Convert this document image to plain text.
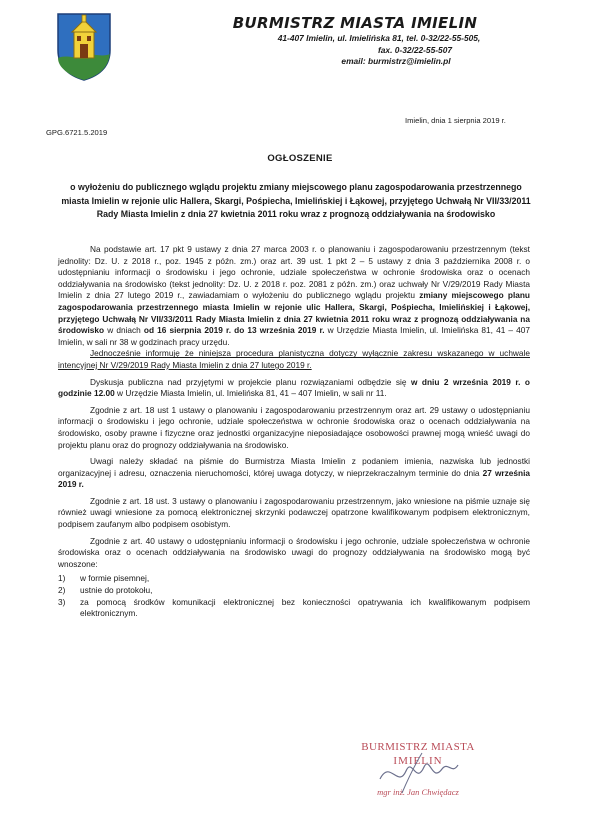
BURMISTRZ MIASTA IMIELIN
41-407 Imielin, ul. Imielińska 81, tel. 0-32/22-55-505,
fax. 0-32/22-55-507
email: burmistrz@imielin.pl
Imielin, dnia 1 sierpnia 2019 r.
GPG.6721.5.2019
OGŁOSZENIE
o wyłożeniu do publicznego wglądu projektu zmiany miejscowego planu zagospodarowania przestrzennego miasta Imielin w rejonie ulic Hallera, Skargi, Pośpiecha, Imielińskiej i Łąkowej, przyjętego Uchwałą Nr VII/33/2011 Rady Miasta Imielin z dnia 27 kwietnia 2011 roku wraz z prognozą oddziaływania na środowisko

Na podstawie art. 17 pkt 9 ustawy z dnia 27 marca 2003 r. o planowaniu i zagospodarowaniu przestrzennym (tekst jednolity: Dz. U. z 2018 r., poz. 1945 z późn. zm.) oraz art. 39 ust. 1 pkt 2 – 5 ustawy z dnia 3 października 2008 r. o udostępnianiu informacji o środowisku i jego ochronie, udziale społeczeństwa w ochronie środowiska oraz o ocenach oddziaływania na środowisko (tekst jednolity: Dz. U. z 2018 r. poz. 2081 z późn. zm.) oraz uchwały Nr V/29/2019 Rady Miasta Imielin z dnia 27 lutego 2019 r., zawiadamiam o wyłożeniu do publicznego wglądu projektu zmiany miejscowego planu zagospodarowania przestrzennego miasta Imielin w rejonie ulic Hallera, Skargi, Pośpiecha, Imielińskiej i Łąkowej, przyjętego Uchwałą Nr VII/33/2011 Rady Miasta Imielin z dnia 27 kwietnia 2011 roku wraz z prognozą oddziaływania na środowisko w dniach od 16 sierpnia 2019 r. do 13 września 2019 r. w Urzędzie Miasta Imielin, ul. Imielińska 81, 41 – 407 Imielin, w sali nr 38 w godzinach pracy urzędu.

Jednocześnie informuję że niniejsza procedura planistyczna dotyczy wyłącznie zakresu wskazanego w uchwale intencyjnej Nr V/29/2019 Rady Miasta Imielin z dnia 27 lutego 2019 r.

Dyskusja publiczna nad przyjętymi w projekcie planu rozwiązaniami odbędzie się w dniu 2 września 2019 r. o godzinie 12.00 w Urzędzie Miasta Imielin, ul. Imielińska 81, 41 – 407 Imielin, w sali nr 11.

Zgodnie z art. 18 ust 1 ustawy o planowaniu i zagospodarowaniu przestrzennym oraz art. 29 ustawy o udostępnianiu informacji o środowisku i jego ochronie, udziale społeczeństwa w ochronie środowiska oraz o ocenach oddziaływania na środowisko, osoby prawne i fizyczne oraz jednostki organizacyjne nieposiadające osobowości prawnej mogą wnieść uwagi do projektu planu oraz do prognozy oddziaływania na środowisko.

Uwagi należy składać na piśmie do Burmistrza Miasta Imielin z podaniem imienia, nazwiska lub jednostki organizacyjnej i adresu, oznaczenia nieruchomości, której uwaga dotyczy, w nieprzekraczalnym terminie do dnia 27 września 2019 r.

Zgodnie z art. 18 ust. 3 ustawy o planowaniu i zagospodarowaniu przestrzennym, jako wniesione na piśmie uznaje się również uwagi wniesione za pomocą elektronicznej skrzynki podawczej opatrzone kwalifikowanym podpisem elektronicznym, podpisem zaufanym albo podpisem osobistym.

Zgodnie z art. 40 ustawy o udostępnianiu informacji o środowisku i jego ochronie, udziale społeczeństwa w ochronie środowiska oraz o ocenach oddziaływania na środowisko uwagi do prognozy oddziaływania na środowisko mogą być wnoszone:

1)	w formie pisemnej,
2)	ustnie do protokołu,
3)	za pomocą środków komunikacji elektronicznej bez konieczności opatrywania ich kwalifikowanym podpisem elektronicznym.
BURMISTRZ MIASTA
IMIELIN
mgr inż. Jan Chwiędacz
